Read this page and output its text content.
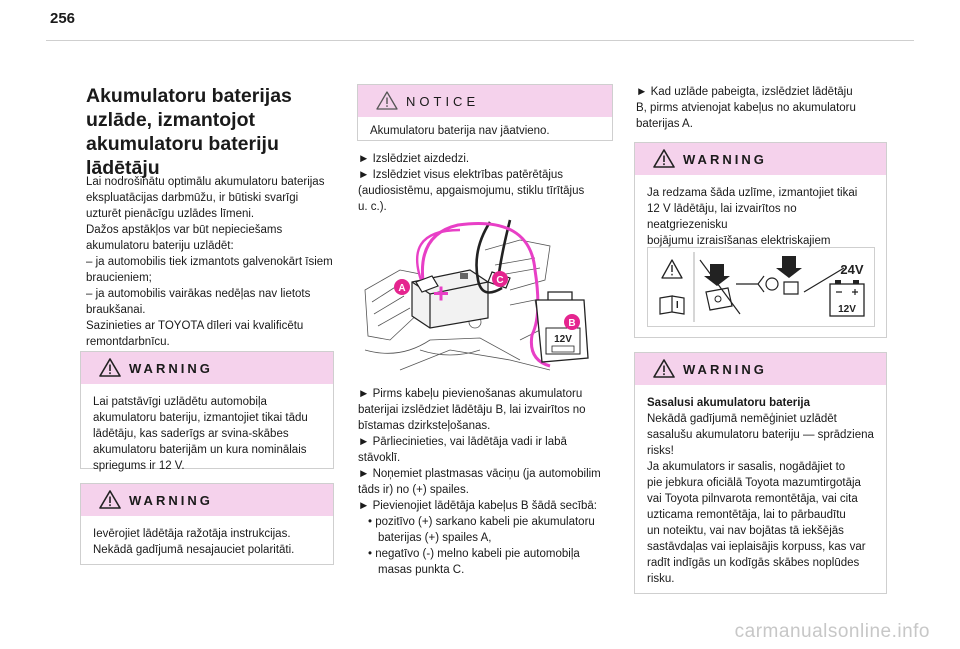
256
Akumulatoru baterijas uzlāde, izmantojot akumulatoru bateriju lādētāju

Lai nodrošinātu optimālu akumulatoru baterijas
ekspluatācijas darbmūžu, ir būtiski svarīgi
uzturēt pienācīgu uzlādes līmeni.
Dažos apstākļos var būt nepieciešams
akumulatoru bateriju uzlādēt:
– ja automobilis tiek izmantots galvenokārt īsiem
braucieniem;
– ja automobilis vairākas nedēļas nav lietots
braukšanai.
Sazinieties ar TOYOTA dīleri vai kvalificētu
remontdarbnīcu.

WARNING
Lai patstāvīgi uzlādētu automobiļa
akumulatoru bateriju, izmantojiet tikai tādu
lādētāju, kas saderīgs ar svina-skābes
akumulatoru baterijām un kura nominālais
spriegums ir 12 V.
WARNING
Ievērojiet lādētāja ražotāja instrukcijas.
Nekādā gadījumā nesajauciet polaritāti.
NOTICE
Akumulatoru baterija nav jāatvieno.
► Izslēdziet aizdedzi.
► Izslēdziet visus elektrības patērētājus
(audiosistēmu, apgaismojumu, stiklu tīrītājus
u. c.).
12V
A
C
B
► Pirms kabeļu pievienošanas akumulatoru
baterijai izslēdziet lādētāju B, lai izvairītos no
bīstamas dzirksteļošanas.
► Pārliecinieties, vai lādētāja vadi ir labā
stāvoklī.
► Noņemiet plastmasas vāciņu (ja automobilim
tāds ir) no (+) spailes.
► Pievienojiet lādētāja kabeļus B šādā secībā:
• pozitīvo (+) sarkano kabeli pie akumulatoru
baterijas (+) spailes A,
• negatīvo (-) melno kabeli pie automobiļa
masas punkta C.
► Kad uzlāde pabeigta, izslēdziet lādētāju
B, pirms atvienojat kabeļus no akumulatoru
baterijas A.
WARNING
Ja redzama šāda uzlīme, izmantojiet tikai
12 V lādētāju, lai izvairītos no neatgriezenisku
bojājumu izraisīšanas elektriskajiem
24V
12V
WARNING
Sasalusi akumulatoru baterija
Nekādā gadījumā nemēģiniet uzlādēt
sasalušu akumulatoru bateriju — sprādziena
risks!
Ja akumulators ir sasalis, nogādājiet to
pie jebkura oficiālā Toyota mazumtirgotāja
vai Toyota pilnvarota remontētāja, vai cita
uzticama remontētāja, lai to pārbaudītu
un noteiktu, vai nav bojātas tā iekšējās
sastāvdaļas vai ieplaisājis korpuss, kas var
radīt indīgās un kodīgās skābes noplūdes
risku.
carmanualsonline.info
